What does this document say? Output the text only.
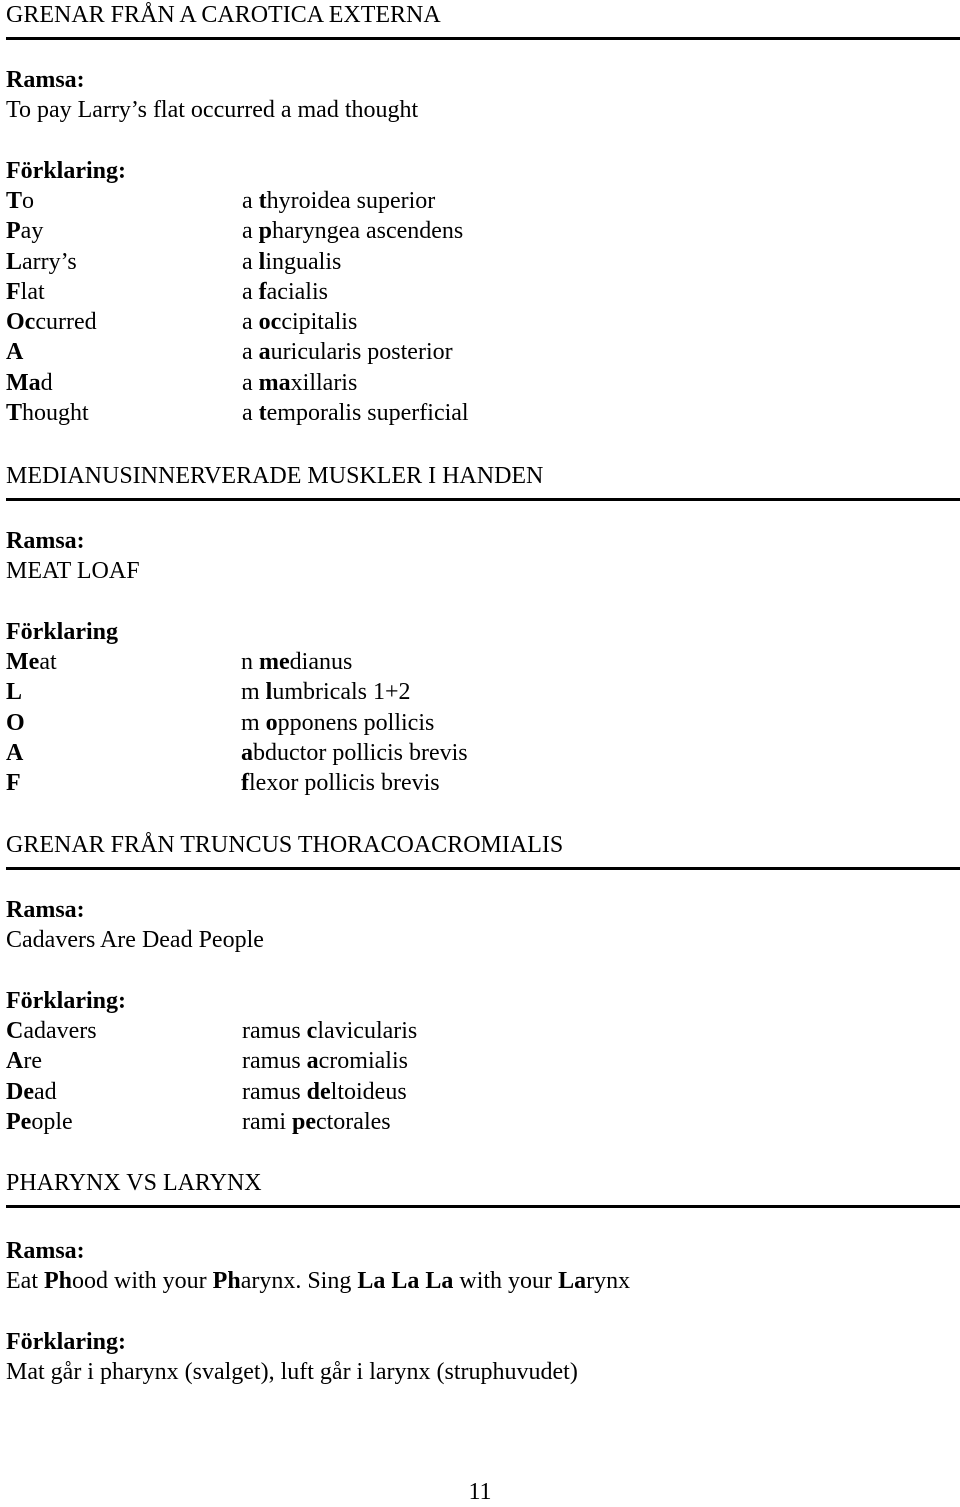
GRENAR FRÅN A CAROTICA EXTERNA
Ramsa:
To pay Larry’s flat occurred a mad thought
Förklaring:
To	a thyroidea superior
Pay	a pharyngea ascendens
Larry’s	a lingualis
Flat	a facialis
Occurred	a occipitalis
A	a auricularis posterior
Mad	a maxillaris
Thought	a temporalis superficial
MEDIANUSINNERVERADE MUSKLER I HANDEN
Ramsa:
MEAT LOAF
Förklaring
Meat	n medianus
L	m lumbricals 1+2
O	m opponens pollicis
A	abductor pollicis brevis
F	flexor pollicis brevis
GRENAR FRÅN TRUNCUS THORACOACROMIALIS
Ramsa:
Cadavers Are Dead People
Förklaring:
Cadavers	ramus clavicularis
Are	ramus acromialis
Dead	ramus deltoideus
People	rami pectorales
PHARYNX VS LARYNX
Ramsa:
Eat Phood with your Pharynx. Sing La La La with your Larynx
Förklaring:
Mat går i pharynx (svalget), luft går i larynx (struphuvudet)
11
